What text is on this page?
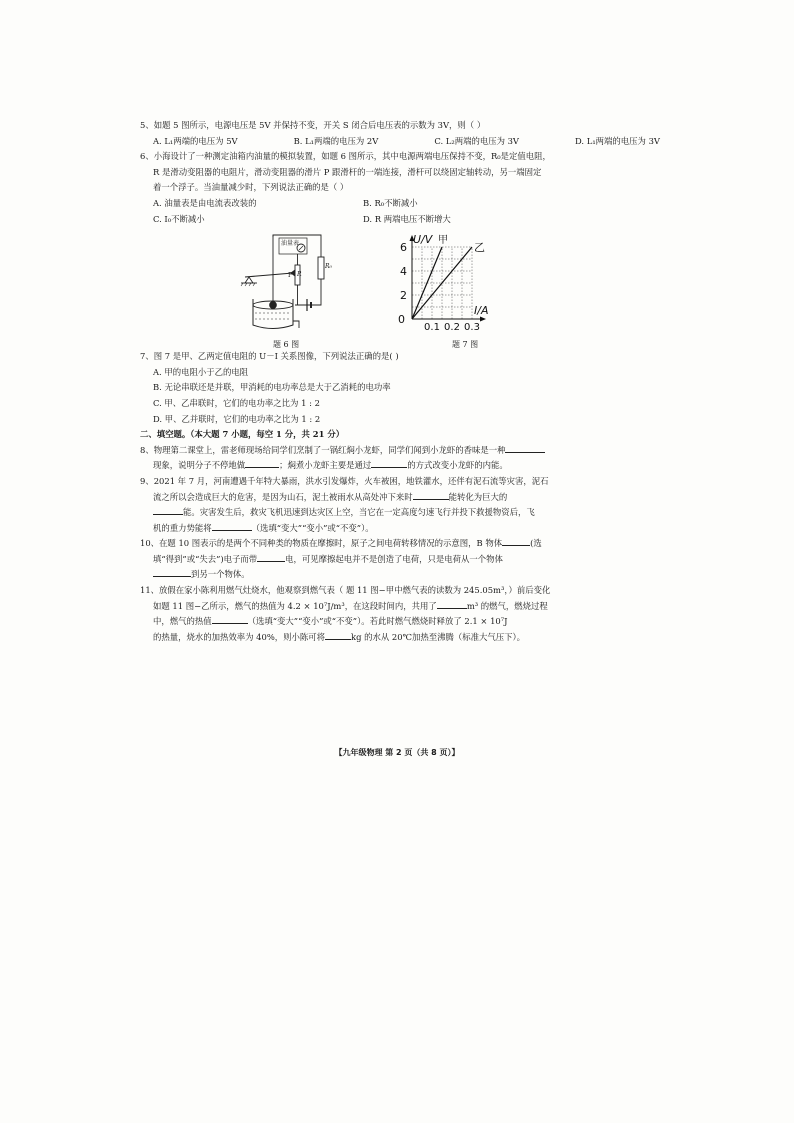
5、如题 5 图所示，电源电压是 5V 并保持不变，开关 S 闭合后电压表的示数为 3V，则（ ）

A. L₁两端的电压为 5V	B. L₁两端的电压为 2V	C. L₂两端的电压为 3V	D. L₁两端的电压为 3V

6、小海设计了一种测定油箱内油量的模拟装置，如题 6 图所示，其中电源两端电压保持不变，R₀是定值电阻，

R 是滑动变阻器的电阻片，滑动变阻器的滑片 P 跟滑杆的一端连接，滑杆可以绕固定轴转动，另一端固定

着一个浮子。当油量减少时，下列说法正确的是（ ）

A. 油量表是由电流表改装的	B. R₀不断减小
C. I₀不断减小	D. R 两端电压不断增大
油量表
P R
R₀
题 6 图
2
4
6
0.1 0.2 0.3
0
U/V 甲
乙
I/A
题 7 图

7、图 7 是甲、乙两定值电阻的 U－I 关系图像，下列说法正确的是( )

A. 甲的电阻小于乙的电阻
B. 无论串联还是并联，甲消耗的电功率总是大于乙消耗的电功率
C. 甲、乙串联时，它们的电功率之比为 1 : 2
D. 甲、乙并联时，它们的电功率之比为 1 : 2

二、填空题。（本大题 7 小题，每空 1 分，共 21 分）

8、物理第二课堂上，雷老师现场给同学们烹制了一锅红焖小龙虾，同学们闻到小龙虾的香味是一种

现象，说明分子不停地做	；焖煮小龙虾主要是通过	的方式改变小龙虾的内能。

9、2021 年 7 月，河南遭遇千年特大暴雨，洪水引发爆炸，火车被困，地铁灌水，还伴有泥石流等灾害，泥石

流之所以会造成巨大的危害，是因为山石，泥土被雨水从高处冲下来时	能转化为巨大的

能。灾害发生后，救灾飞机迅速到达灾区上空，当它在一定高度匀速飞行并投下救援物资后，飞

机的重力势能将	（选填“变大”“变小”或“不变”）。

10、在题 10 图表示的是两个不同种类的物质在摩擦时，原子之间电荷转移情况的示意图，B 物体	(选

填“得到”或“失去”)电子而带	电，可见摩擦起电并不是创造了电荷，只是电荷从一个物体

到另一个物体。

11、放假在家小陈利用燃气灶烧水，他观察到燃气表（ 题 11 图−甲中燃气表的读数为 245.05m³，）前后变化

如题 11 图−乙所示，燃气的热值为 4.2 × 10⁷J/m³，在这段时间内，共用了	m³ 的燃气，燃烧过程

中，燃气的热值	（选填“变大”“变小”或“不变”）。若此时燃气燃烧时释放了 2.1 × 10⁷J

的热量，烧水的加热效率为 40%，则小陈可将	kg 的水从 20℃加热至沸腾（标准大气压下）。

【九年级物理 第 2 页（共 8 页）】
